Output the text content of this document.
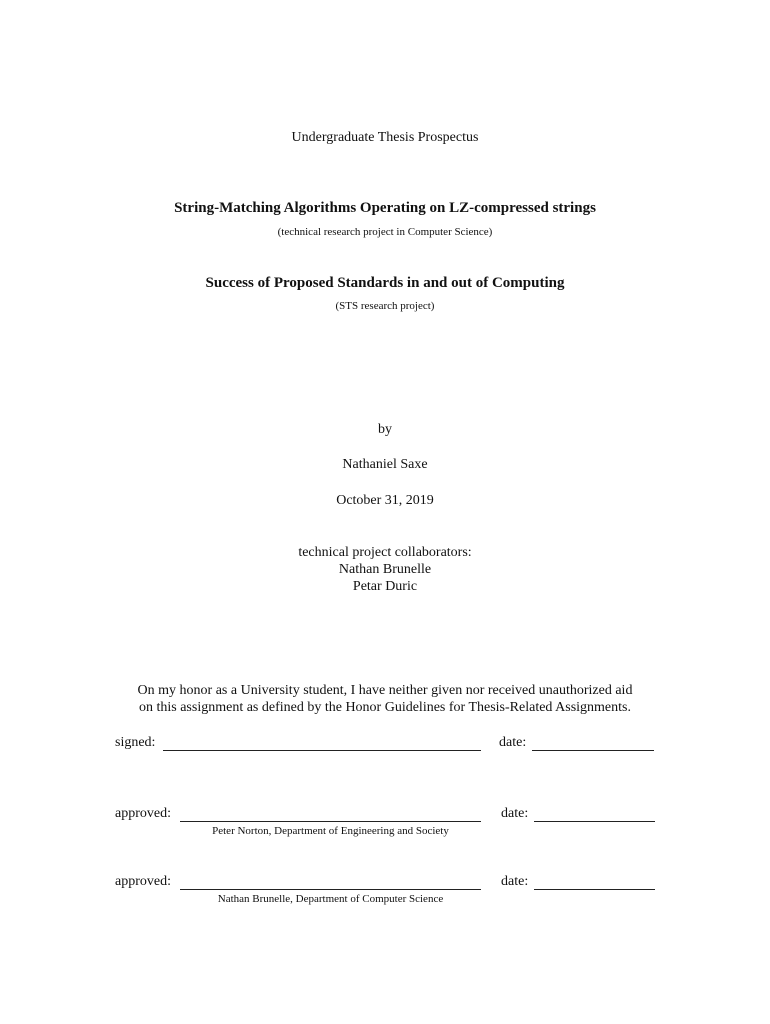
Undergraduate Thesis Prospectus
String-Matching Algorithms Operating on LZ-compressed strings
(technical research project in Computer Science)
Success of Proposed Standards in and out of Computing
(STS research project)
by
Nathaniel Saxe
October 31, 2019
technical project collaborators:
Nathan Brunelle
Petar Duric
On my honor as a University student, I have neither given nor received unauthorized aid
on this assignment as defined by the Honor Guidelines for Thesis-Related Assignments.
signed:	date:
approved:	date:
Peter Norton, Department of Engineering and Society
approved:	date:
Nathan Brunelle, Department of Computer Science
